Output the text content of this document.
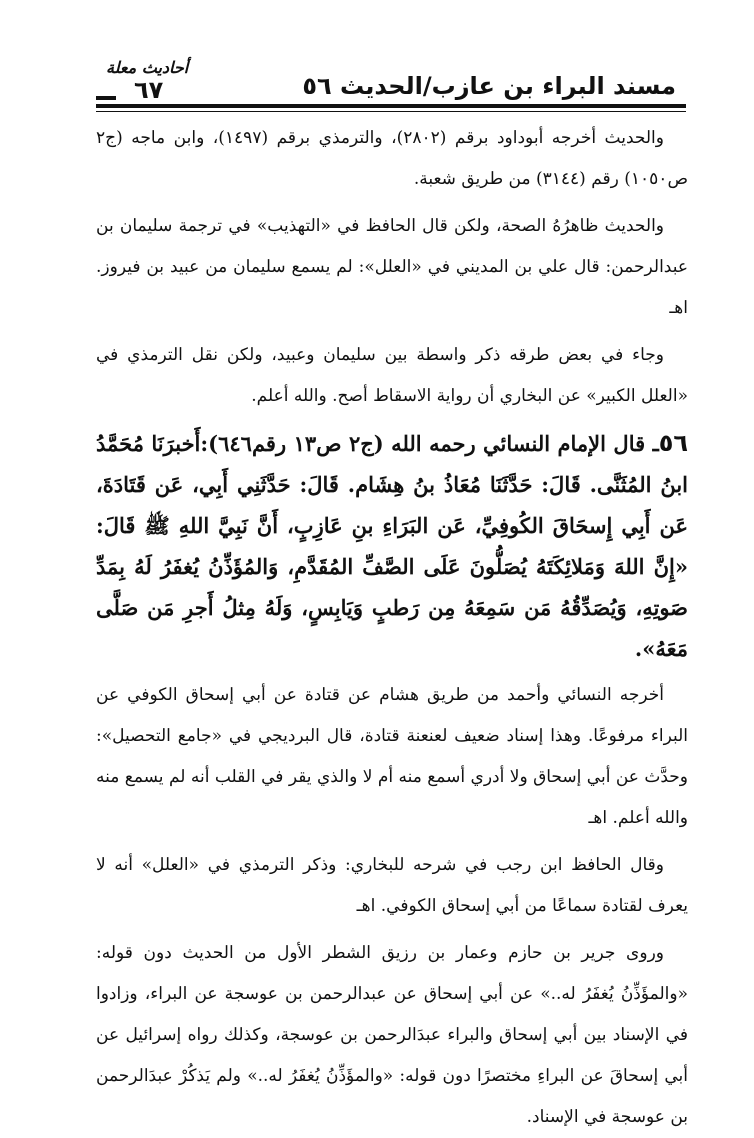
مسند البراء بن عازب/الحديث ٥٦
أحاديث معلة
٦٧

والحديث أخرجه أبوداود برقم (٢٨٠٢)، والترمذي برقم (١٤٩٧)، وابن ماجه (ج٢ ص١٠٥٠) رقم (٣١٤٤) من طريق شعبة.

والحديث ظاهرُهُ الصحة، ولكن قال الحافظ في «التهذيب» في ترجمة سليمان بن عبدالرحمن: قال علي بن المديني في «العلل»: لم يسمع سليمان من عبيد بن فيروز. اهـ

وجاء في بعض طرقه ذكر واسطة بين سليمان وعبيد، ولكن نقل الترمذي في «العلل الكبير» عن البخاري أن رواية الاسقاط أصح. والله أعلم.

٥٦ـ قال الإمام النسائي رحمه الله (ج٢ ص١٣ رقم٦٤٦):أَخبرَنَا مُحَمَّدُ ابنُ المُثَنَّى. قَالَ: حَدَّثَنَا مُعَاذُ بنُ هِشَام. قَالَ: حَدَّثَنِي أَبِي، عَن قَتَادَةَ، عَن أَبِي إِسحَاقَ الكُوفِيِّ، عَن البَرَاءِ بنِ عَازِبٍ، أَنَّ نَبِيَّ اللهِ ﷺ قَالَ: «إِنَّ اللهَ وَمَلائِكَتَهُ يُصَلُّونَ عَلَى الصَّفِّ المُقَدَّمِ، وَالمُؤَذِّنُ يُغفَرُ لَهُ بِمَدِّ صَوتِهِ، وَيُصَدِّقُهُ مَن سَمِعَهُ مِن رَطبٍ وَيَابِسٍ، وَلَهُ مِثلُ أَجرِ مَن صَلَّى مَعَهُ».

أخرجه النسائي وأحمد من طريق هشام عن قتادة عن أبي إسحاق الكوفي عن البراء مرفوعًا. وهذا إسناد ضعيف لعنعنة قتادة، قال البرديجي في «جامع التحصيل»: وحدَّث عن أبي إسحاق ولا أدري أسمع منه أم لا والذي يقر في القلب أنه لم يسمع منه والله أعلم. اهـ

وقال الحافظ ابن رجب في شرحه للبخاري: وذكر الترمذي في «العلل» أنه لا يعرف لقتادة سماعًا من أبي إسحاق الكوفي. اهـ

وروى جرير بن حازم وعمار بن رزيق الشطر الأول من الحديث دون قوله: «والمؤَذِّنُ يُغفَرُ له..» عن أبي إسحاق عن عبدالرحمن بن عوسجة عن البراء، وزادوا في الإسناد بين أبي إسحاق والبراء عبدَالرحمن بن عوسجة، وكذلك رواه إسرائيل عن أبي إسحاقَ عن البراءِ مختصرًا دون قوله: «والمؤَذِّنُ يُغفَرُ له..» ولم يَذكُرْ عبدَالرحمن بن عوسجة في الإسناد.
